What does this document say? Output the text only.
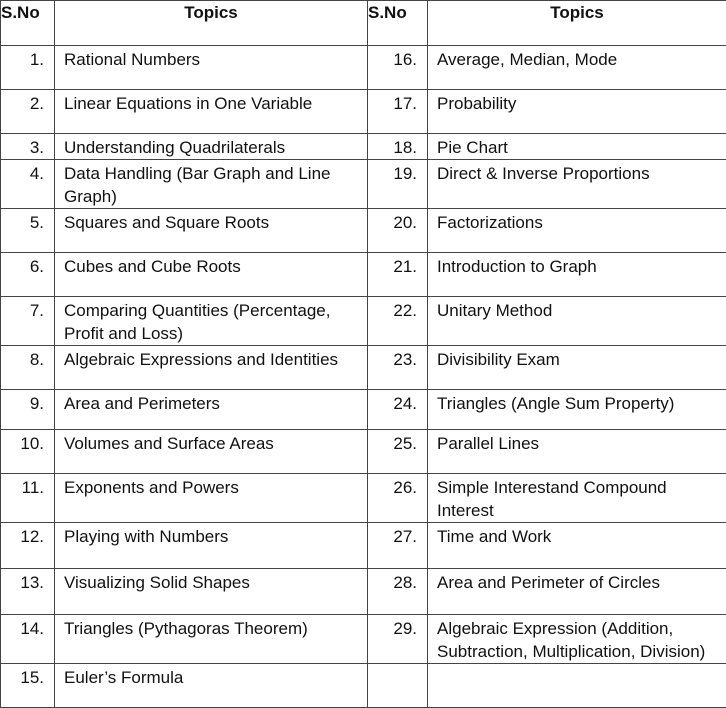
S.No	Topics	S.No	Topics
1.	Rational Numbers	16.	Average, Median, Mode
2.	Linear Equations in One Variable	17.	Probability
3.	Understanding Quadrilaterals	18.	Pie Chart
4.	Data Handling (Bar Graph and Line Graph)	19.	Direct & Inverse Proportions
5.	Squares and Square Roots	20.	Factorizations
6.	Cubes and Cube Roots	21.	Introduction to Graph
7.	Comparing Quantities (Percentage, Profit and Loss)	22.	Unitary Method
8.	Algebraic Expressions and Identities	23.	Divisibility Exam
9.	Area and Perimeters	24.	Triangles (Angle Sum Property)
10.	Volumes and Surface Areas	25.	Parallel Lines
11.	Exponents and Powers	26.	Simple Interestand Compound Interest
12.	Playing with Numbers	27.	Time and Work
13.	Visualizing Solid Shapes	28.	Area and Perimeter of Circles
14.	Triangles (Pythagoras Theorem)	29.	Algebraic Expression (Addition, Subtraction, Multiplication, Division)
15.	Euler’s Formula		
